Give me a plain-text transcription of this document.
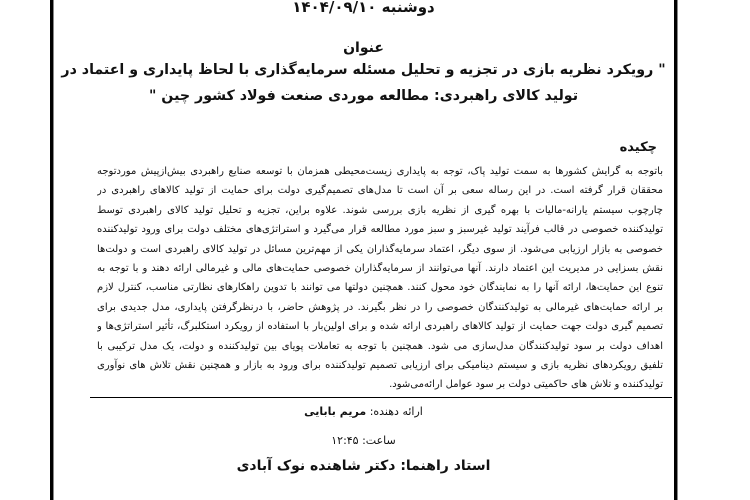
دوشنبه ۱۴۰۴/۰۹/۱۰
عنوان
" رویکرد نظریه بازی در تجزیه و تحلیل مسئله سرمایه‌گذاری با لحاظ پایداری و اعتماد در
تولید کالای راهبردی: مطالعه موردی صنعت فولاد کشور چین "
چکیده
باتوجه به گرایش کشورها به سمت تولید پاک، توجه به پایداری زیست‌محیطی همزمان با توسعه صنایع راهبردی بیش‌ازپیش موردتوجه
محققان قرار گرفته است. در این رساله سعی بر آن است تا مدل‌های تصمیم‌گیری دولت برای حمایت از تولید کالاهای راهبردی در
چارچوب سیستم یارانه-مالیات با بهره گیری از نظریه بازی بررسی شوند. علاوه براین، تجزیه و تحلیل تولید کالای راهبردی توسط
تولیدکننده خصوصی در قالب فرآیند تولید غیرسبز و سبز مورد مطالعه قرار می‌گیرد و استراتژی‌های مختلف دولت برای ورود تولیدکننده
خصوصی به بازار ارزیابی می‌شود. از سوی دیگر، اعتماد سرمایه‌گذاران یکی از مهم‌ترین مسائل در تولید کالای راهبردی است و دولت‌ها
نقش بسزایی در مدیریت این اعتماد دارند. آنها می‌توانند از سرمایه‌گذاران خصوصی حمایت‌های مالی و غیرمالی ارائه دهند و با توجه به
تنوع این حمایت‌ها، ارائه آنها را به نمایندگان خود محول کنند. همچنین دولتها می توانند با تدوین راهکارهای نظارتی مناسب، کنترل لازم
بر ارائه حمایت‌های غیرمالی به تولیدکنندگان خصوصی را در نظر بگیرند. در پژوهش حاضر، با درنظرگرفتن پایداری، مدل جدیدی برای
تصمیم گیری دولت جهت حمایت از تولید کالاهای راهبردی ارائه شده و برای اولین‌بار با استفاده از رویکرد استکلبرگ، تأثیر استراتژی‌ها و
اهداف دولت بر سود تولیدکنندگان مدل‌سازی می شود. همچنین با توجه به تعاملات پویای بین تولیدکننده و دولت، یک مدل ترکیبی با
تلفیق رویکردهای نظریه بازی و سیستم دینامیکی برای ارزیابی تصمیم تولیدکننده برای ورود به بازار و همچنین نقش تلاش های نوآوری
تولیدکننده و تلاش های حاکمیتی دولت بر سود عوامل ارائه‌می‌شود.
ارائه دهنده: مریم بابایی
ساعت: ۱۲:۴۵
استاد راهنما: دکتر شاهنده نوک آبادی
